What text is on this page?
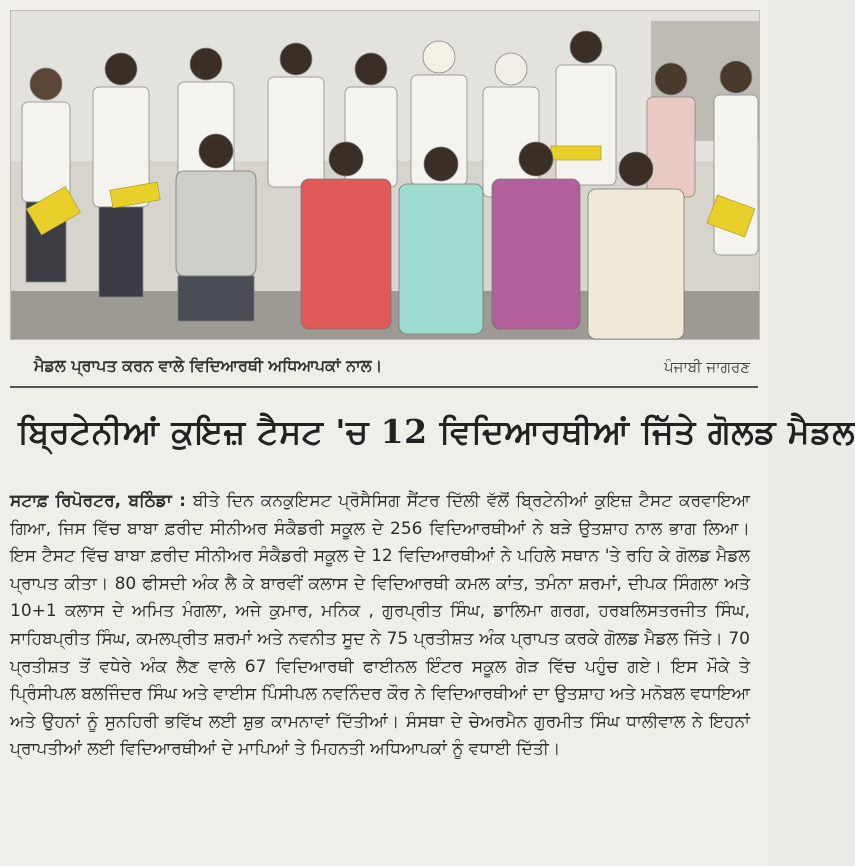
ਮੈਡਲ ਪ੍ਰਾਪਤ ਕਰਨ ਵਾਲੇ ਵਿਦਿਆਰਥੀ ਅਧਿਆਪਕਾਂ ਨਾਲ।	ਪੰਜਾਬੀ ਜਾਗਰਣ
ਬ੍ਰਿਟੇਨੀਆਂ ਕੁਇਜ਼ ਟੈਸਟ 'ਚ 12 ਵਿਦਿਆਰਥੀਆਂ ਜਿੱਤੇ ਗੋਲਡ ਮੈਡਲ
ਸਟਾਫ਼ ਰਿਪੋਰਟਰ, ਬਠਿੰਡਾ : ਬੀਤੇ ਦਿਨ ਕਨਕੁਇਸਟ ਪ੍ਰੋਸੈਸਿਗ ਸੈਂਟਰ ਦਿੱਲੀ ਵੱਲੋਂ ਬ੍ਰਿਟੇਨੀਆਂ ਕੁਇਜ਼ ਟੈਸਟ ਕਰਵਾਇਆ ਗਿਆ, ਜਿਸ ਵਿੱਚ ਬਾਬਾ ਫ਼ਰੀਦ ਸੀਨੀਅਰ ਸੰਕੈਡਰੀ ਸਕੂਲ ਦੇ 256 ਵਿਦਿਆਰਥੀਆਂ ਨੇ ਬੜੇ ਉਤਸ਼ਾਹ ਨਾਲ ਭਾਗ ਲਿਆ। ਇਸ ਟੈਸਟ ਵਿੱਚ ਬਾਬਾ ਫ਼ਰੀਦ ਸੀਨੀਅਰ ਸੰਕੈਡਰੀ ਸਕੂਲ ਦੇ 12 ਵਿਦਿਆਰਥੀਆਂ ਨੇ ਪਹਿਲੇ ਸਥਾਨ 'ਤੇ ਰਹਿ ਕੇ ਗੋਲਡ ਮੈਡਲ ਪ੍ਰਾਪਤ ਕੀਤਾ। 80 ਫੀਸਦੀ ਅੰਕ ਲੈ ਕੇ ਬਾਰਵੀਂ ਕਲਾਸ ਦੇ ਵਿਦਿਆਰਥੀ ਕਮਲ ਕਾਂਤ, ਤਮੰਨਾ ਸ਼ਰਮਾਂ, ਦੀਪਕ ਸਿੰਗਲਾ ਅਤੇ 10+1 ਕਲਾਸ ਦੇ ਅਮਿਤ ਮੰਗਲਾ, ਅਜੇ ਕੁਮਾਰ, ਮਨਿਕ , ਗੁਰਪ੍ਰੀਤ ਸਿੰਘ, ਡਾਲਿਮਾ ਗਰਗ, ਹਰਬਲਿਸਤਰਜੀਤ ਸਿੰਘ, ਸਾਹਿਬਪ੍ਰੀਤ ਸਿੰਘ, ਕਮਲਪ੍ਰੀਤ ਸ਼ਰਮਾਂ ਅਤੇ ਨਵਨੀਤ ਸੂਦ ਨੇ 75 ਪ੍ਰਤੀਸ਼ਤ ਅੰਕ ਪ੍ਰਾਪਤ ਕਰਕੇ ਗੋਲਡ ਮੈਡਲ ਜਿੱਤੇ। 70 ਪ੍ਰਤੀਸ਼ਤ ਤੋਂ ਵਧੇਰੇ ਅੰਕ ਲੈਣ ਵਾਲੇ 67 ਵਿਦਿਆਰਥੀ ਫਾਈਨਲ ਇੰਟਰ ਸਕੂਲ ਗੇੜ ਵਿੱਚ ਪਹੁੰਚ ਗਏ। ਇਸ ਮੌਕੇ ਤੇ ਪ੍ਰਿੰਸੀਪਲ ਬਲਜਿੰਦਰ ਸਿੰਘ ਅਤੇ ਵਾਈਸ ਪਿੰਸੀਪਲ ਨਵਨਿੰਦਰ ਕੌਰ ਨੇ ਵਿਦਿਆਰਥੀਆਂ ਦਾ ਉਤਸ਼ਾਹ ਅਤੇ ਮਨੋਬਲ ਵਧਾਇਆ ਅਤੇ ਉਹਨਾਂ ਨੂੰ ਸੁਨਹਿਰੀ ਭਵਿੱਖ ਲਈ ਸ਼ੁਭ ਕਾਮਨਾਵਾਂ ਦਿੱਤੀਆਂ। ਸੰਸਥਾ ਦੇ ਚੇਅਰਮੈਨ ਗੁਰਮੀਤ ਸਿੰਘ ਧਾਲੀਵਾਲ ਨੇ ਇਹਨਾਂ ਪ੍ਰਾਪਤੀਆਂ ਲਈ ਵਿਦਿਆਰਥੀਆਂ ਦੇ ਮਾਪਿਆਂ ਤੇ ਮਿਹਨਤੀ ਅਧਿਆਪਕਾਂ ਨੂੰ ਵਧਾਈ ਦਿੱਤੀ।
